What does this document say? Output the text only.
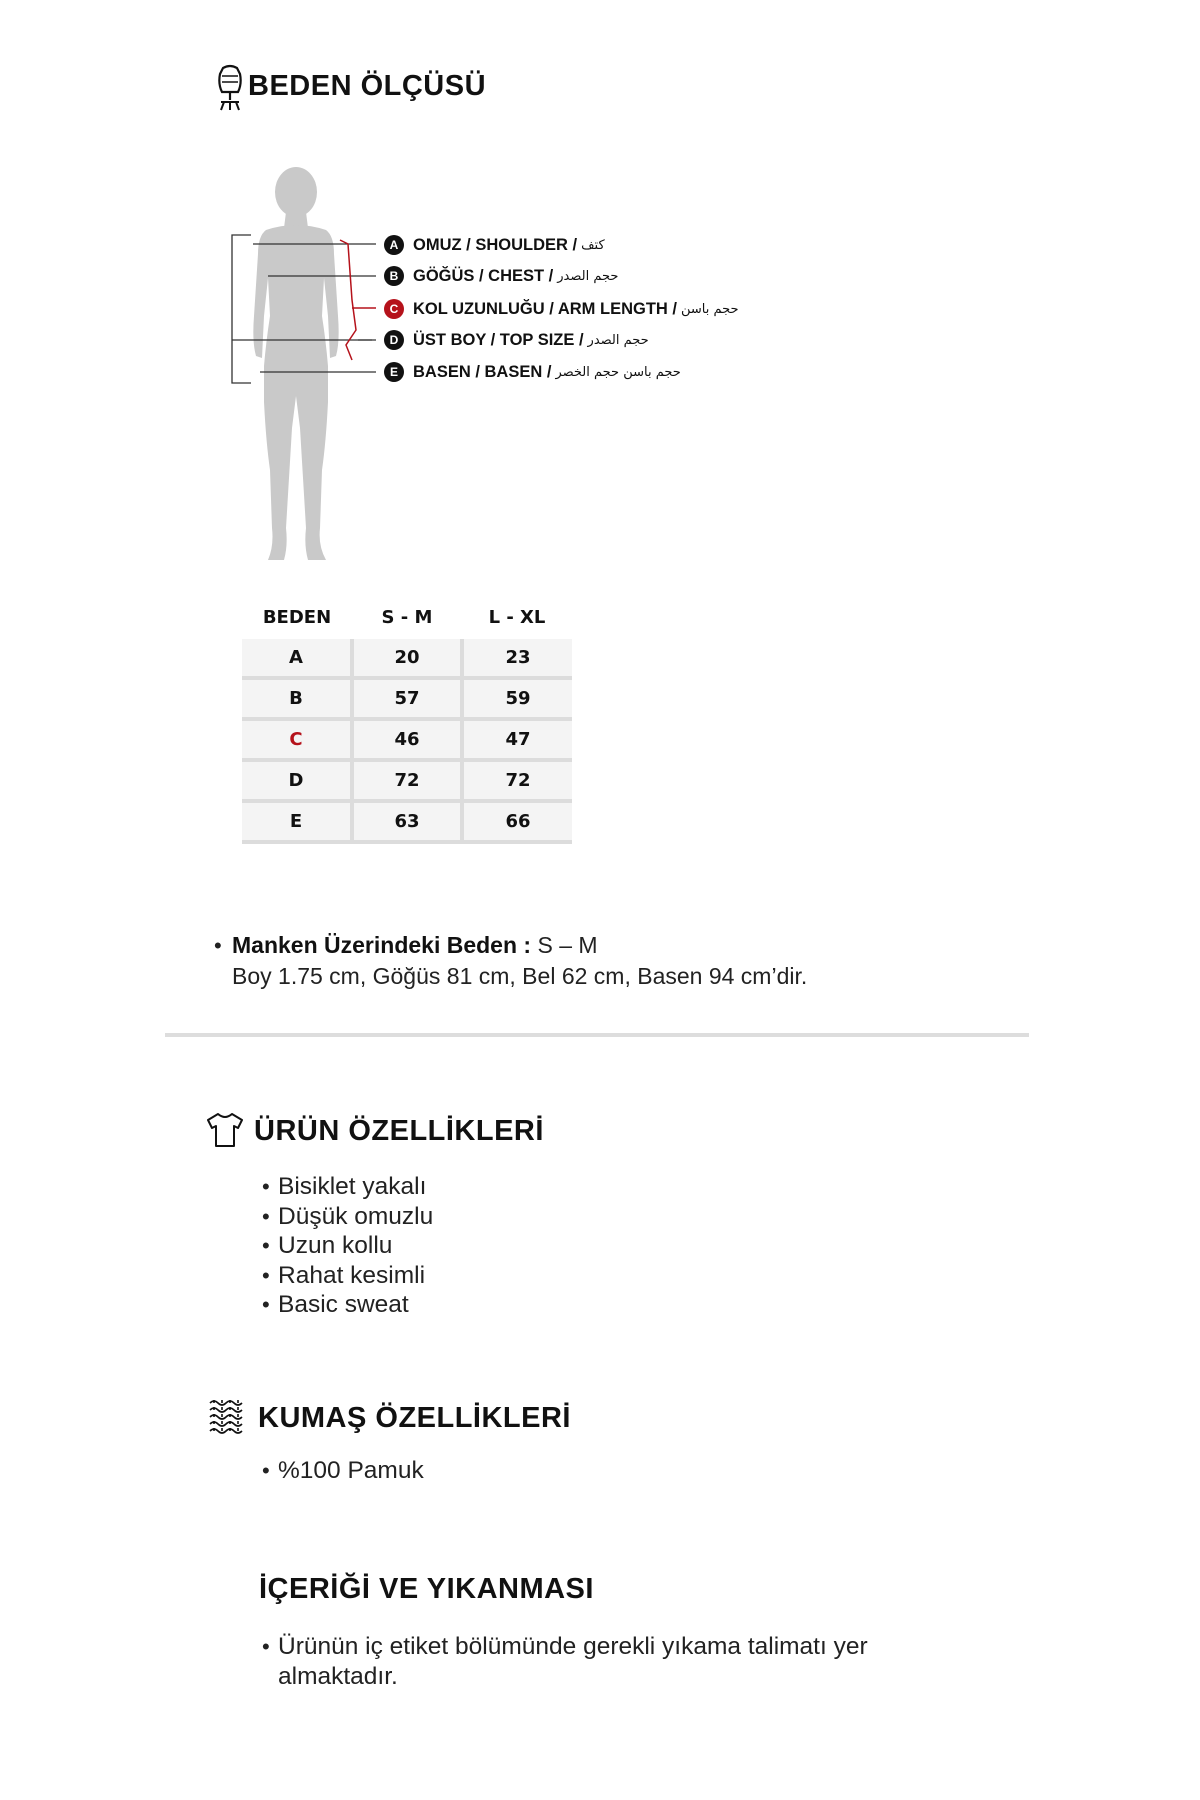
BEDEN ÖLÇÜSÜ
A OMUZ / SHOULDER / كتف
B GÖĞÜS / CHEST / حجم الصدر
C KOL UZUNLUĞU / ARM LENGTH / حجم باسن
D ÜST BOY / TOP SIZE / حجم الصدر
E BASEN / BASEN / حجم باسن حجم الخصر
BEDEN	S - M	L - XL
A	20	23
B	57	59
C	46	47
D	72	72
E	63	66
• Manken Üzerindeki Beden : S – M
Boy 1.75 cm, Göğüs 81 cm, Bel 62 cm, Basen 94 cm’dir.
ÜRÜN ÖZELLİKLERİ
• Bisiklet yakalı
• Düşük omuzlu
• Uzun kollu
• Rahat kesimli
• Basic sweat
KUMAŞ ÖZELLİKLERİ
• %100 Pamuk
İÇERİĞİ VE YIKANMASI
• Ürünün iç etiket bölümünde gerekli yıkama talimatı yer
almaktadır.
